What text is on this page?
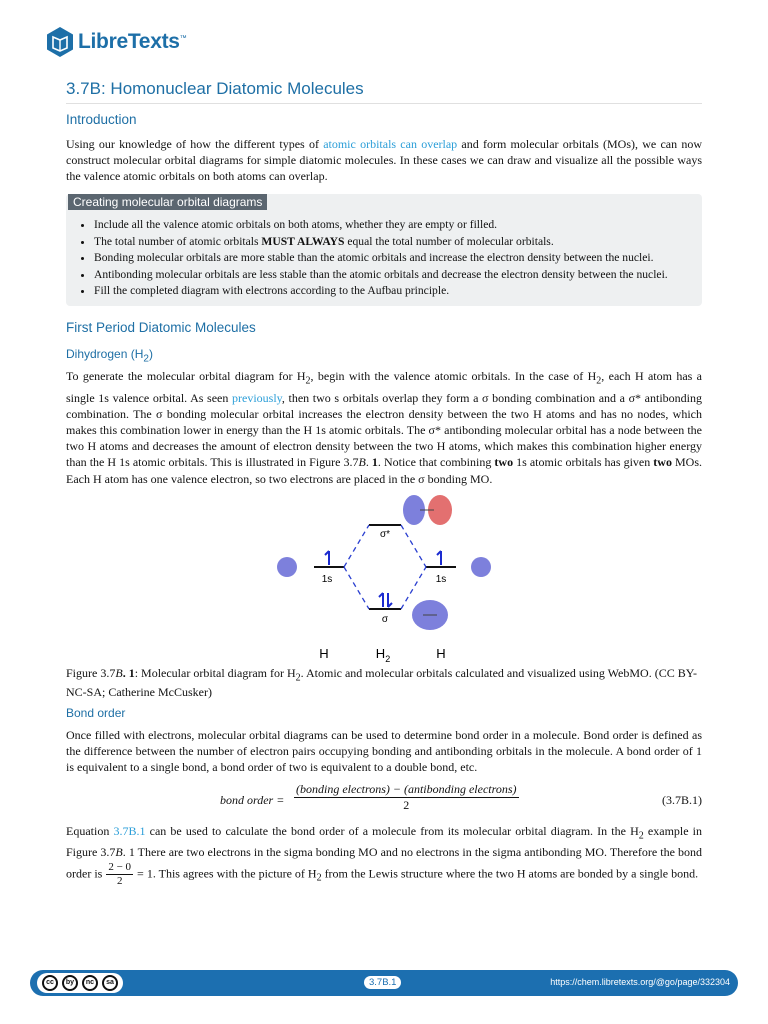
LibreTexts™
3.7B: Homonuclear Diatomic Molecules
Introduction

Using our knowledge of how the different types of atomic orbitals can overlap and form molecular orbitals (MOs), we can now construct molecular orbital diagrams for simple diatomic molecules. In these cases we can draw and visualize all the possible ways the valence atomic orbitals on both atoms can overlap.

Creating molecular orbital diagrams
• Include all the valence atomic orbitals on both atoms, whether they are empty or filled.
• The total number of atomic orbitals MUST ALWAYS equal the total number of molecular orbitals.
• Bonding molecular orbitals are more stable than the atomic orbitals and increase the electron density between the nuclei.
• Antibonding molecular orbitals are less stable than the atomic orbitals and decrease the electron density between the nuclei.
• Fill the completed diagram with electrons according to the Aufbau principle.
First Period Diatomic Molecules
Dihydrogen $(H_2)$

To generate the molecular orbital diagram for $H_2$, begin with the valence atomic orbitals. In the case of $H_2$, each H atom has a single 1s valence orbital. As seen previously, then two s orbitals overlap they form a σ bonding combination and a σ* antibonding combination. The σ bonding molecular orbital increases the electron density between the two H atoms and has no nodes, which makes this combination lower in energy than the H 1s atomic orbitals. The σ* antibonding molecular orbital has a node between the two H atoms and decreases the amount of electron density between the two H atoms, which makes this combination higher energy than the H 1s atomic orbitals. This is illustrated in Figure 3.7B. 1. Notice that combining two 1s atomic orbitals has given two MOs. Each H atom has one valence electron, so two electrons are placed in the σ bonding MO.

σ*
σ
1s	1s
H	$H_2$	H

Figure 3.7B. 1: Molecular orbital diagram for $H_2$. Atomic and molecular orbitals calculated and visualized using WebMO. (CC BY-NC-SA; Catherine McCusker)

Bond order

Once filled with electrons, molecular orbital diagrams can be used to determine bond order in a molecule. Bond order is defined as the difference between the number of electron pairs occupying bonding and antibonding orbitals in the molecule. A bond order of 1 is equivalent to a single bond, a bond order of two is equivalent to a double bond, etc.

bond order =
(bonding electrons) − (antibonding electrons)
2	(3.7B.1)

Equation 3.7B.1 can be used to calculate the bond order of a molecule from its molecular orbital diagram. In the $H_2$ example in Figure 3.7B. 1 There are two electrons in the sigma bonding MO and no electrons in the sigma antibonding MO. Therefore the bond order is $\frac{2 - 0}{2} = 1$. This agrees with the picture of $H_2$ from the Lewis structure where the two H atoms are bonded by a single bond.

cc	by	nc	sa	3.7B.1	https://chem.libretexts.org/@go/page/332304
